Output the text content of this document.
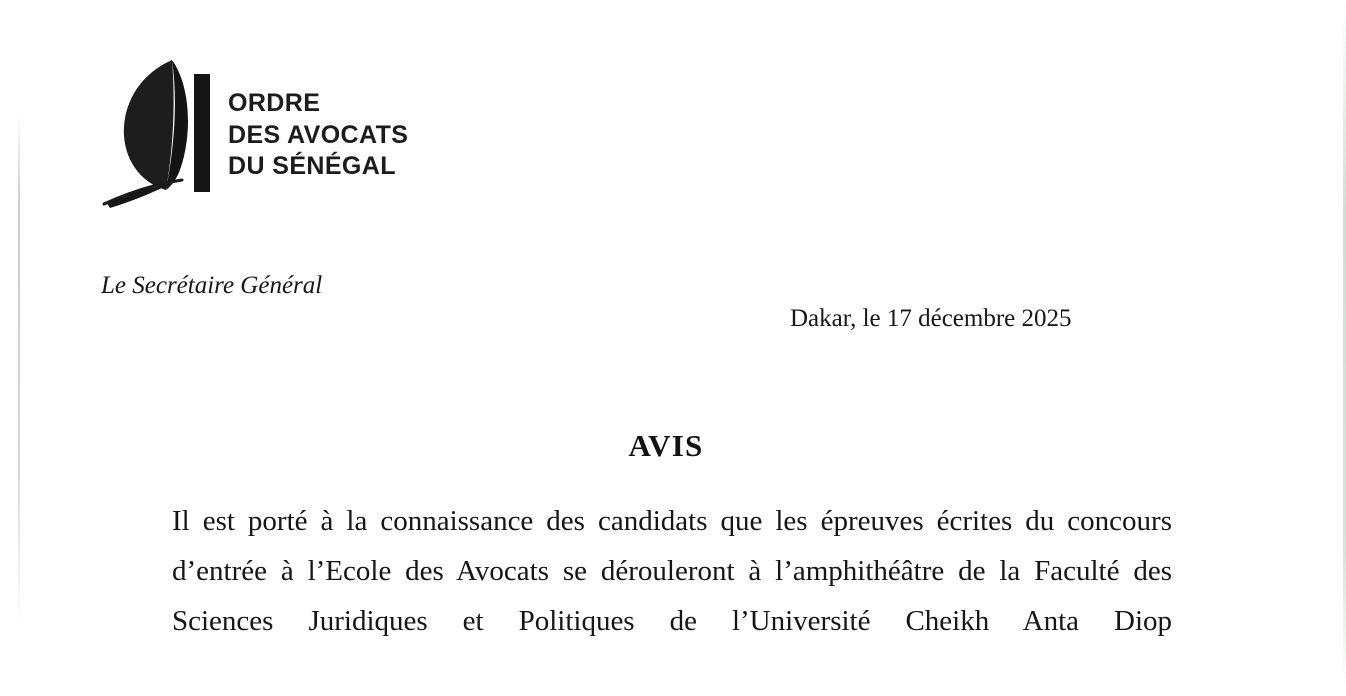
ORDRE
DES AVOCATS
DU SÉNÉGAL
Le Secrétaire Général
Dakar, le 17 décembre 2025
AVIS

Il est porté à la connaissance des candidats que les épreuves écrites du concours d’entrée à l’Ecole des Avocats se dérouleront à l’amphithéâtre de la Faculté des Sciences Juridiques et Politiques de l’Université Cheikh Anta Diop
